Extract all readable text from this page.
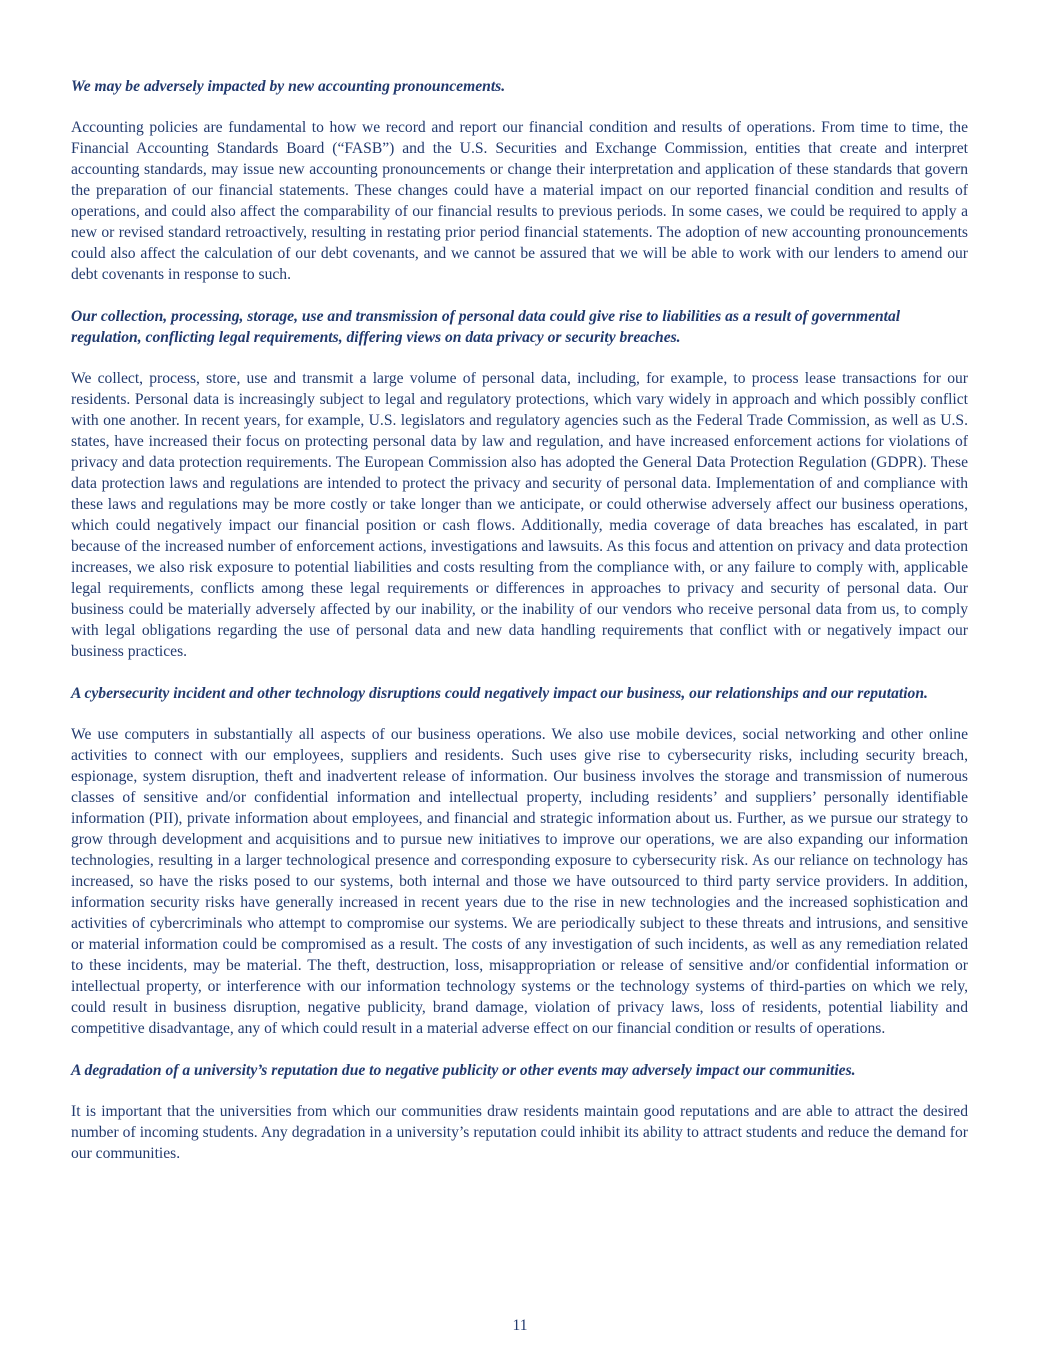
We may be adversely impacted by new accounting pronouncements.

Accounting policies are fundamental to how we record and report our financial condition and results of operations. From time to time, the Financial Accounting Standards Board (“FASB”) and the U.S. Securities and Exchange Commission, entities that create and interpret accounting standards, may issue new accounting pronouncements or change their interpretation and application of these standards that govern the preparation of our financial statements. These changes could have a material impact on our reported financial condition and results of operations, and could also affect the comparability of our financial results to previous periods. In some cases, we could be required to apply a new or revised standard retroactively, resulting in restating prior period financial statements. The adoption of new accounting pronouncements could also affect the calculation of our debt covenants, and we cannot be assured that we will be able to work with our lenders to amend our debt covenants in response to such.

Our collection, processing, storage, use and transmission of personal data could give rise to liabilities as a result of governmental regulation, conflicting legal requirements, differing views on data privacy or security breaches.

We collect, process, store, use and transmit a large volume of personal data, including, for example, to process lease transactions for our residents. Personal data is increasingly subject to legal and regulatory protections, which vary widely in approach and which possibly conflict with one another. In recent years, for example, U.S. legislators and regulatory agencies such as the Federal Trade Commission, as well as U.S. states, have increased their focus on protecting personal data by law and regulation, and have increased enforcement actions for violations of privacy and data protection requirements. The European Commission also has adopted the General Data Protection Regulation (GDPR). These data protection laws and regulations are intended to protect the privacy and security of personal data. Implementation of and compliance with these laws and regulations may be more costly or take longer than we anticipate, or could otherwise adversely affect our business operations, which could negatively impact our financial position or cash flows. Additionally, media coverage of data breaches has escalated, in part because of the increased number of enforcement actions, investigations and lawsuits. As this focus and attention on privacy and data protection increases, we also risk exposure to potential liabilities and costs resulting from the compliance with, or any failure to comply with, applicable legal requirements, conflicts among these legal requirements or differences in approaches to privacy and security of personal data. Our business could be materially adversely affected by our inability, or the inability of our vendors who receive personal data from us, to comply with legal obligations regarding the use of personal data and new data handling requirements that conflict with or negatively impact our business practices.

A cybersecurity incident and other technology disruptions could negatively impact our business, our relationships and our reputation.

We use computers in substantially all aspects of our business operations. We also use mobile devices, social networking and other online activities to connect with our employees, suppliers and residents. Such uses give rise to cybersecurity risks, including security breach, espionage, system disruption, theft and inadvertent release of information. Our business involves the storage and transmission of numerous classes of sensitive and/or confidential information and intellectual property, including residents’ and suppliers’ personally identifiable information (PII), private information about employees, and financial and strategic information about us. Further, as we pursue our strategy to grow through development and acquisitions and to pursue new initiatives to improve our operations, we are also expanding our information technologies, resulting in a larger technological presence and corresponding exposure to cybersecurity risk. As our reliance on technology has increased, so have the risks posed to our systems, both internal and those we have outsourced to third party service providers. In addition, information security risks have generally increased in recent years due to the rise in new technologies and the increased sophistication and activities of cybercriminals who attempt to compromise our systems. We are periodically subject to these threats and intrusions, and sensitive or material information could be compromised as a result. The costs of any investigation of such incidents, as well as any remediation related to these incidents, may be material. The theft, destruction, loss, misappropriation or release of sensitive and/or confidential information or intellectual property, or interference with our information technology systems or the technology systems of third-parties on which we rely, could result in business disruption, negative publicity, brand damage, violation of privacy laws, loss of residents, potential liability and competitive disadvantage, any of which could result in a material adverse effect on our financial condition or results of operations.

A degradation of a university’s reputation due to negative publicity or other events may adversely impact our communities.

It is important that the universities from which our communities draw residents maintain good reputations and are able to attract the desired number of incoming students. Any degradation in a university’s reputation could inhibit its ability to attract students and reduce the demand for our communities.

11
